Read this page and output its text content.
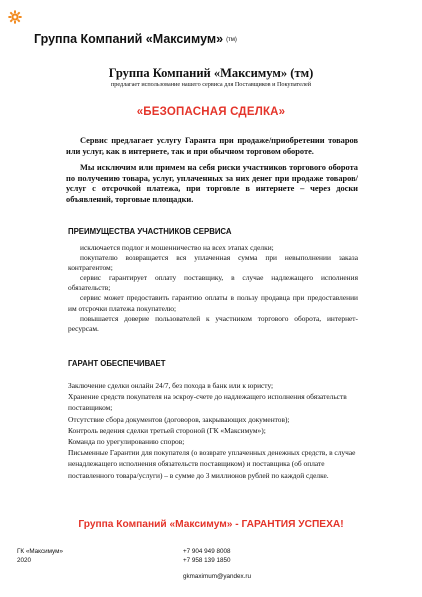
Группа Компаний «Максимум» (тм)
Группа Компаний «Максимум» (тм)
предлагает использование нашего сервиса для Поставщиков и Покупателей
«БЕЗОПАСНАЯ СДЕЛКА»

Сервис предлагает услугу Гаранта при продаже/приобретении товаров или услуг, как в интернете, так и при обычном торговом обороте.

Мы исключим или примем на себя риски участников торгового оборота по получению товара, услуг, уплаченных за них денег при продаже товаров/услуг с отсрочкой платежа, при торговле в интернете – через доски объявлений, торговые площадки.

ПРЕИМУЩЕСТВА УЧАСТНИКОВ СЕРВИСА

исключается подлог и мошенничество на всех этапах сделки;

покупателю возвращается вся уплаченная сумма при невыполнении заказа контрагентом;

сервис гарантирует оплату поставщику, в случае надлежащего исполнения обязательств;

сервис может предоставить гарантию оплаты в пользу продавца при предоставлении им отсрочки платежа покупателю;

повышается доверие пользователей к участником торгового оборота, интернет-ресурсам.

ГАРАНТ ОБЕСПЕЧИВАЕТ

Заключение сделки онлайн 24/7, без похода в банк или к юристу;

Хранение средств покупателя на эскроу-счете до надлежащего исполнения обязательств поставщиком;

Отсутствие сбора документов (договоров, закрывающих документов);

Контроль ведения сделки третьей стороной (ГК «Максимум»);

Команда по урегулированию споров;

Письменные Гарантии для покупателя (о возврате уплаченных денежных средств, в случае ненадлежащего исполнения обязательств поставщиком) и поставщика (об оплате поставленного товара/услуги) – в сумме до 3 миллионов рублей по каждой сделке.

Группа Компаний «Максимум» - ГАРАНТИЯ УСПЕХА!
ГК «Максимум»
2020
+7 904 949 8008
+7 958 139 1850
gkmaximum@yandex.ru
